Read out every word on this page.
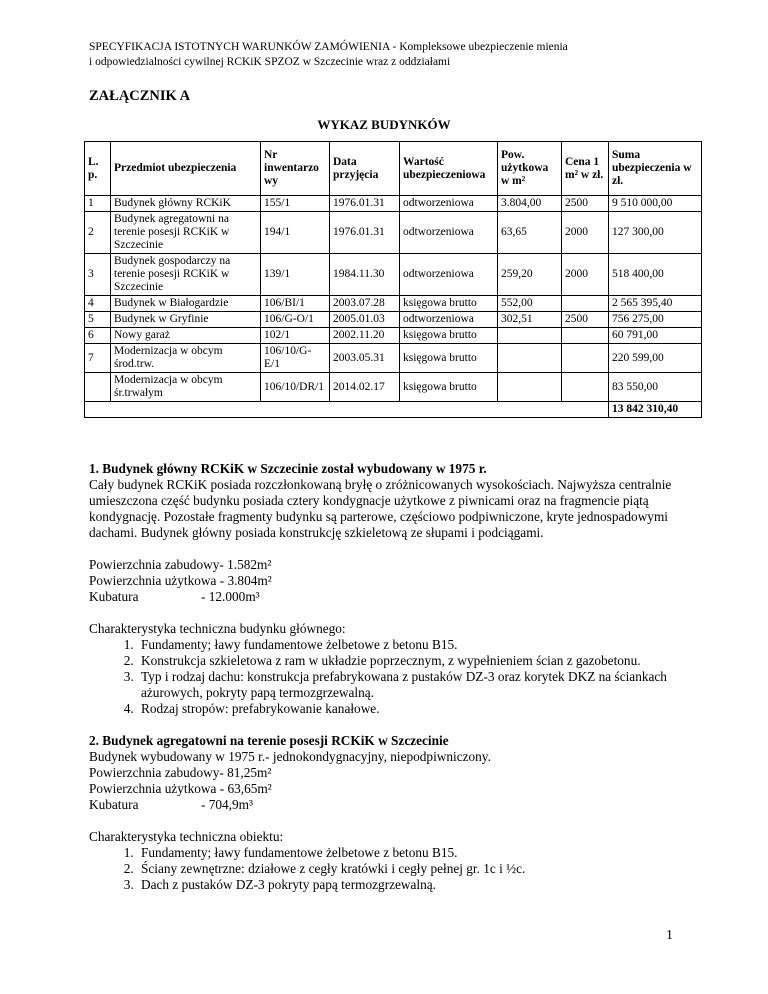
SPECYFIKACJA ISTOTNYCH WARUNKÓW ZAMÓWIENIA - Kompleksowe ubezpieczenie mienia
i odpowiedzialności cywilnej RCKiK SPZOZ w Szczecinie wraz z oddziałami
ZAŁĄCZNIK A
WYKAZ BUDYNKÓW
L. p.	Przedmiot ubezpieczenia	Nr inwentarzo wy	Data przyjęcia	Wartość ubezpieczeniowa	Pow. użytkowa w m²	Cena 1 m² w zł.	Suma ubezpieczenia w zł.
1	Budynek główny RCKiK	155/1	1976.01.31	odtworzeniowa	3.804,00	2500	9 510 000,00
2	Budynek agregatowni na terenie posesji RCKiK w Szczecinie	194/1	1976.01.31	odtworzeniowa	63,65	2000	127 300,00
3	Budynek gospodarczy na terenie posesji RCKiK w Szczecinie	139/1	1984.11.30	odtworzeniowa	259,20	2000	518 400,00
4	Budynek w Białogardzie	106/BI/1	2003.07.28	księgowa brutto	552,00		2 565 395,40
5	Budynek w Gryfinie	106/G-O/1	2005.01.03	odtworzeniowa	302,51	2500	756 275,00
6	Nowy garaż	102/1	2002.11.20	księgowa brutto			60 791,00
7	Modernizacja w obcym środ.trw.	106/10/G-E/1	2003.05.31	księgowa brutto			220 599,00
	Modernizacja w obcym śr.trwałym	106/10/DR/1	2014.02.17	księgowa brutto			83 550,00
							13 842 310,40

1. Budynek główny RCKiK w Szczecinie został wybudowany w 1975 r.

Cały budynek RCKiK posiada rozczłonkowaną bryłę o zróżnicowanych wysokościach. Najwyższa centralnie umieszczona część budynku posiada cztery kondygnacje użytkowe z piwnicami oraz na fragmencie piątą kondygnację. Pozostałe fragmenty budynku są parterowe, częściowo podpiwniczone, kryte jednospadowymi dachami. Budynek główny posiada konstrukcję szkieletową ze słupami i podciągami.

Powierzchnia zabudowy- 1.582m²

Powierzchnia użytkowa - 3.804m²

Kubatura	- 12.000m³

Charakterystyka techniczna budynku głównego:

1. Fundamenty; ławy fundamentowe żelbetowe z betonu B15.
2. Konstrukcja szkieletowa z ram w układzie poprzecznym, z wypełnieniem ścian z gazobetonu.
3. Typ i rodzaj dachu: konstrukcja prefabrykowana z pustaków DZ-3 oraz korytek DKZ na ściankach ażurowych, pokryty papą termozgrzewalną.
4. Rodzaj stropów: prefabrykowanie kanałowe.

2. Budynek agregatowni na terenie posesji RCKiK w Szczecinie

Budynek wybudowany w 1975 r.- jednokondygnacyjny, niepodpiwniczony.

Powierzchnia zabudowy- 81,25m²

Powierzchnia użytkowa - 63,65m²

Kubatura	- 704,9m³

Charakterystyka techniczna obiektu:

1. Fundamenty; ławy fundamentowe żelbetowe z betonu B15.
2. Ściany zewnętrzne: działowe z cegły kratówki i cegły pełnej gr. 1c i ½c.
3. Dach z pustaków DZ-3 pokryty papą termozgrzewalną.
1
